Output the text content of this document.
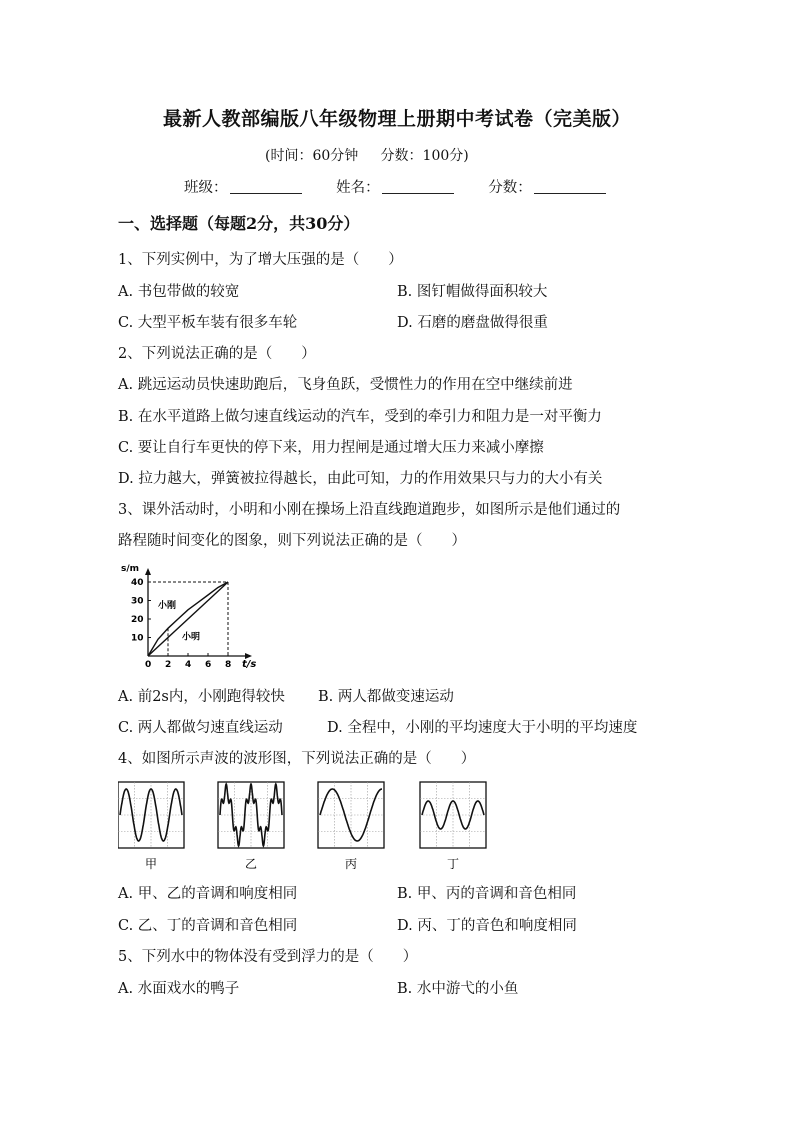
最新人教部编版八年级物理上册期中考试卷（完美版）
(时间：60分钟 分数：100分)
班级：	姓名：	分数：
一、选择题（每题2分，共30分）
1、下列实例中，为了增大压强的是（　　）
A. 书包带做的较宽	B. 图钉帽做得面积较大
C. 大型平板车装有很多车轮	D. 石磨的磨盘做得很重
2、下列说法正确的是（　　）
A. 跳远运动员快速助跑后，飞身鱼跃，受惯性力的作用在空中继续前进
B. 在水平道路上做匀速直线运动的汽车，受到的牵引力和阻力是一对平衡力
C. 要让自行车更快的停下来，用力捏闸是通过增大压力来减小摩擦
D. 拉力越大，弹簧被拉得越长，由此可知，力的作用效果只与力的大小有关
3、课外活动时，小明和小刚在操场上沿直线跑道跑步，如图所示是他们通过的
路程随时间变化的图象，则下列说法正确的是（　　）
s/m
t/s
0 2 4 6 8
10
20
30
40
小刚
小明
A. 前2s内，小刚跑得较快 B. 两人都做变速运动
C. 两人都做匀速直线运动	D. 全程中，小刚的平均速度大于小明的平均速度
4、如图所示声波的波形图，下列说法正确的是（　　）
甲	乙	丙	丁
A. 甲、乙的音调和响度相同	B. 甲、丙的音调和音色相同
C. 乙、丁的音调和音色相同	D. 丙、丁的音色和响度相同
5、下列水中的物体没有受到浮力的是（　　）
A. 水面戏水的鸭子	B. 水中游弋的小鱼
